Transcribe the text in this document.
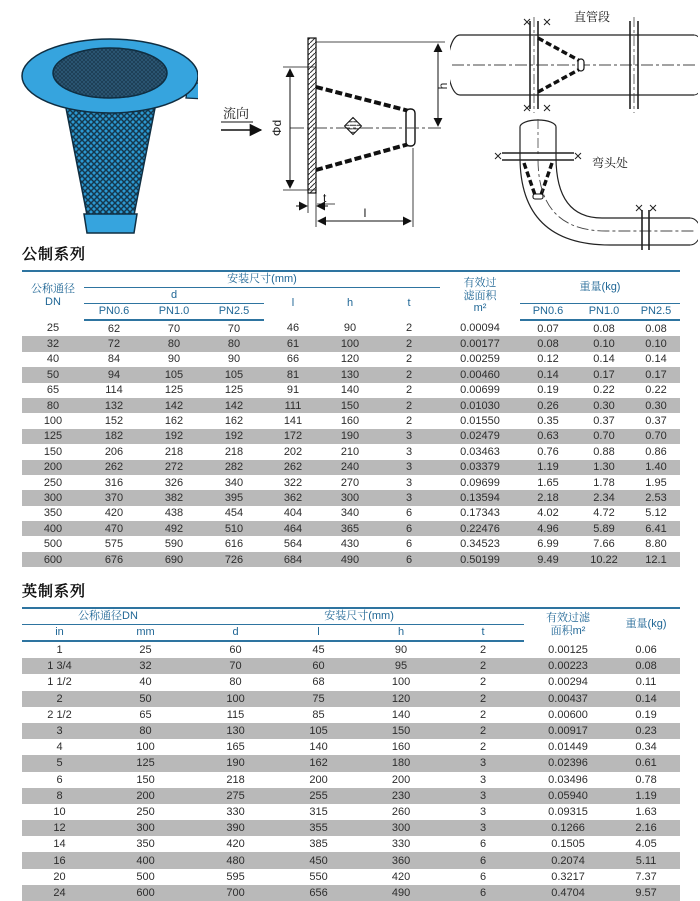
流向
Φd
h
t
l
直管段
弯头处
公制系列
公称通径
DN
	安装尺寸(mm)	有效过
滤面积
m²
	重量(kg)
	d			l	h	t				
	PN0.6	PN1.0	PN2.5					PN0.6	PN1.0	PN2.5
25	62	70	70	46	90	2	0.00094	0.07	0.08	0.08
32	72	80	80	61	100	2	0.00177	0.08	0.10	0.10
40	84	90	90	66	120	2	0.00259	0.12	0.14	0.14
50	94	105	105	81	130	2	0.00460	0.14	0.17	0.17
65	114	125	125	91	140	2	0.00699	0.19	0.22	0.22
80	132	142	142	111	150	2	0.01030	0.26	0.30	0.30
100	152	162	162	141	160	2	0.01550	0.35	0.37	0.37
125	182	192	192	172	190	3	0.02479	0.63	0.70	0.70
150	206	218	218	202	210	3	0.03463	0.76	0.88	0.86
200	262	272	282	262	240	3	0.03379	1.19	1.30	1.40
250	316	326	340	322	270	3	0.09699	1.65	1.78	1.95
300	370	382	395	362	300	3	0.13594	2.18	2.34	2.53
350	420	438	454	404	340	6	0.17343	4.02	4.72	5.12
400	470	492	510	464	365	6	0.22476	4.96	5.89	6.41
500	575	590	616	564	430	6	0.34523	6.99	7.66	8.80
600	676	690	726	684	490	6	0.50199	9.49	10.22	12.1
英制系列
公称通径DN		安装尺寸(mm)				有效过滤
面积m²	重量(kg)
in	mm	d	l	h	t		
1	25	60	45	90	2	0.00125	0.06
1 3/4	32	70	60	95	2	0.00223	0.08
1 1/2	40	80	68	100	2	0.00294	0.11
2	50	100	75	120	2	0.00437	0.14
2 1/2	65	115	85	140	2	0.00600	0.19
3	80	130	105	150	2	0.00917	0.23
4	100	165	140	160	2	0.01449	0.34
5	125	190	162	180	3	0.02396	0.61
6	150	218	200	200	3	0.03496	0.78
8	200	275	255	230	3	0.05940	1.19
10	250	330	315	260	3	0.09315	1.63
12	300	390	355	300	3	0.1266	2.16
14	350	420	385	330	6	0.1505	4.05
16	400	480	450	360	6	0.2074	5.11
20	500	595	550	420	6	0.3217	7.37
24	600	700	656	490	6	0.4704	9.57
